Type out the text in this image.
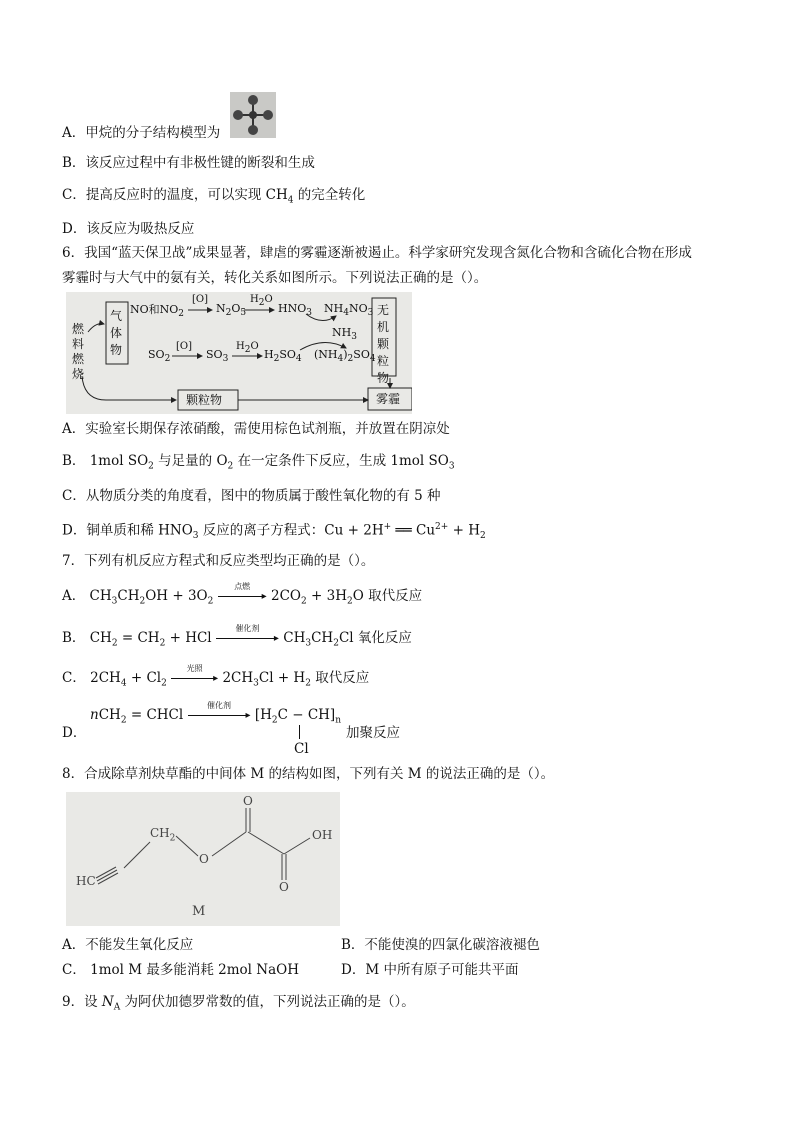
A．甲烷的分子结构模型为
B．该反应过程中有非极性键的断裂和生成
C．提高反应时的温度，可以实现 $CH_4$ 的完全转化
D．该反应为吸热反应
6．我国“蓝天保卫战”成果显著，肆虐的雾霾逐渐被遏止。科学家研究发现含氮化合物和含硫化合物在形成
雾霾时与大气中的氨有关，转化关系如图所示。下列说法正确的是（）。
燃料燃烧
气体物
无机颗粒物
颗粒物	雾霾
NO和$NO_2$
[O]
$N_2O_5$
$H_2O$
$HNO_3$ $NH_4NO_3$
$NH_3$
$SO_2$
[O]
$SO_3$
$H_2O$
$H_2SO_4$ $(NH_4)_2SO_4$
A．实验室长期保存浓硝酸，需使用棕色试剂瓶，并放置在阴凉处
B． 1mol $SO_2$ 与足量的 $O_2$ 在一定条件下反应，生成 1mol $SO_3$
C．从物质分类的角度看，图中的物质属于酸性氧化物的有 5 种
D．铜单质和稀 $HNO_3$ 反应的离子方程式：Cu + 2H+ ══ $Cu^{2+} + H_2$
7．下列有机反应方程式和反应类型均正确的是（）。
A． $CH_3CH_2OH + 3O_2$
点燃
▸ $2CO_2 + 3H_2O$ 取代反应
B． $CH_2 = CH_2$ + HCl
催化剂
▸ $CH_3CH_2Cl$ 氧化反应
C． $2CH_4 + Cl_2$
光照
▸ $2CH_3Cl + H_2$ 取代反应
D．
nCH$_2$ = CHCl
催化剂
▸ $[H_2C - CH]_n$
Cl
加聚反应
8．合成除草剂炔草酯的中间体 M 的结构如图，下列有关 M 的说法正确的是（）。
HC
$CH_2$
O
O
O
OH
M
A．不能发生氧化反应	B．不能使溴的四氯化碳溶液褪色
C． 1mol M 最多能消耗 2mol NaOH	D．M 中所有原子可能共平面
9．设 $N_A$ 为阿伏加德罗常数的值，下列说法正确的是（）。
